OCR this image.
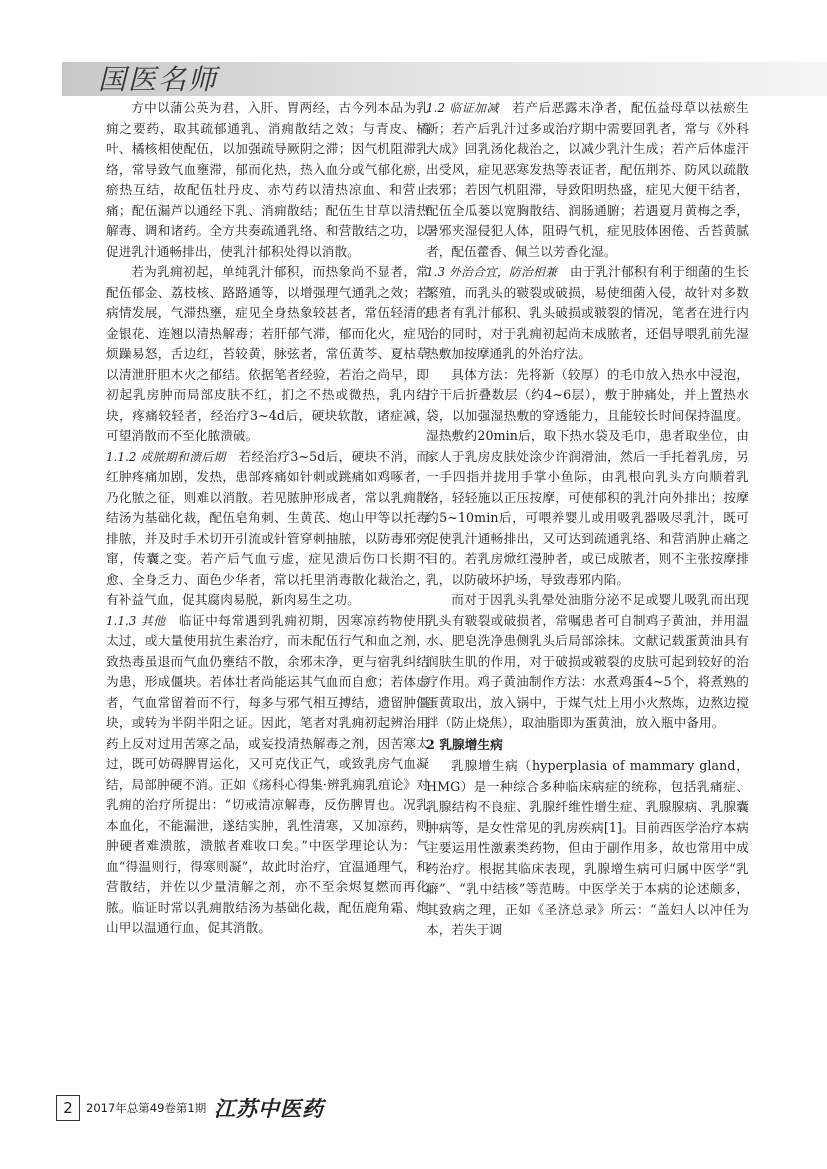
国医名师

方中以蒲公英为君，入肝、胃两经，古今列本品为乳痈之要药，取其疏郁通乳、消痈散结之效；与青皮、橘叶、橘核相使配伍，以加强疏导厥阴之滞；因气机阻滞乳络，常导致气血壅滞，郁而化热，热入血分或气郁化瘀，瘀热互结，故配伍牡丹皮、赤芍药以清热凉血、和营止痛；配伍漏芦以通经下乳、消痈散结；配伍生甘草以清热解毒、调和诸药。全方共奏疏通乳络、和营散结之功，以促进乳汁通畅排出，使乳汁郁积处得以消散。

若为乳痈初起，单纯乳汁郁积，而热象尚不显者，常配伍郁金、荔枝核、路路通等，以增强理气通乳之效；若病情发展，气滞热壅，症见全身热象较甚者，常伍轻清的金银花、连翘以清热解毒；若肝郁气滞，郁而化火，症见烦躁易怒，舌边红，苔较黄，脉弦者，常伍黄芩、夏枯草以清泄肝胆木火之郁结。依据笔者经验，若治之尚早，即初起乳房肿而局部皮肤不红，扪之不热或微热，乳内结块，疼痛较轻者，经治疗3~4d后，硬块软散，诸症减，可望消散而不至化脓溃破。

1.1.2 成脓期和溃后期  若经治疗3~5d后，硬块不消，而红肿疼痛加剧，发热，患部疼痛如针刺或跳痛如鸡啄者，乃化脓之征，则难以消散。若见脓肿形成者，常以乳痈散结汤为基础化裁，配伍皂角刺、生黄芪、炮山甲等以托毒排脓，并及时手术切开引流或针管穿刺抽脓，以防毒邪旁窜，传囊之变。若产后气血亏虚，症见溃后伤口长期不愈、全身乏力、面色少华者，常以托里消毒散化裁治之，有补益气血，促其腐肉易脱，新肉易生之功。

1.1.3 其他  临证中每常遇到乳痈初期，因寒凉药物使用太过，或大量使用抗生素治疗，而未配伍行气和血之剂，致热毒虽退而气血仍壅结不散，余邪未净，更与宿乳纠结为患，形成僵块。若体壮者尚能运其气血而自愈；若体虚者，气血常留着而不行，每多与邪气相互搏结，遗留肿僵块，或转为半阴半阳之证。因此，笔者对乳痈初起辨治用药上反对过用苦寒之品，或妄投清热解毒之剂，因苦寒太过，既可妨碍脾胃运化，又可克伐正气，或致乳房气血凝结，局部肿硬不消。正如《疡科心得集·辨乳痈乳疽论》对乳痈的治疗所提出：“切戒清凉解毒，反伤脾胃也。况乳本血化，不能漏泄，遂结实肿，乳性清寒，又加凉药，则肿硬者难溃脓，溃脓者难收口矣。”中医学理论认为：气血“得温则行，得寒则凝”，故此时治疗，宜温通理气，和营散结，并佐以少量清解之剂，亦不至余烬复燃而再化脓。临证时常以乳痈散结汤为基础化裁，配伍鹿角霜、炮山甲以温通行血，促其消散。

1.2 临证加减  若产后恶露未净者，配伍益母草以祛瘀生新；若产后乳汁过多或治疗期中需要回乳者，常与《外科大成》回乳汤化裁治之，以减少乳汁生成；若产后体虚汗出受风，症见恶寒发热等表证者，配伍荆芥、防风以疏散表邪；若因气机阻滞，导致阳明热盛，症见大便干结者，配伍全瓜蒌以宽胸散结、润肠通腑；若遇夏月黄梅之季，暑邪夹湿侵犯人体，阻碍气机，症见肢体困倦、舌苔黄腻者，配伍藿香、佩兰以芳香化湿。

1.3 外治合宜，防治相兼  由于乳汁郁积有利于细菌的生长繁殖，而乳头的皲裂或破损，易使细菌入侵，故针对多数患者有乳汁郁积、乳头破损或皲裂的情况，笔者在进行内治的同时，对于乳痈初起尚未成脓者，还倡导喂乳前先湿热敷加按摩通乳的外治疗法。

具体方法：先将新（较厚）的毛巾放入热水中浸泡，拧干后折叠数层（约4~6层），敷于肿痛处，并上置热水袋，以加强湿热敷的穿透能力，且能较长时间保持温度。湿热敷约20min后，取下热水袋及毛巾，患者取坐位，由家人于乳房皮肤处涂少许润滑油，然后一手托着乳房，另一手四指并拢用手掌小鱼际，由乳根向乳头方向顺着乳络，轻轻施以正压按摩，可使郁积的乳汁向外排出；按摩约5~10min后，可喂养婴儿或用吸乳器吸尽乳汁，既可促使乳汁通畅排出，又可达到疏通乳络、和营消肿止痛之目的。若乳房焮红漫肿者，或已成脓者，则不主张按摩排乳，以防破坏护场，导致毒邪内陷。

而对于因乳头乳晕处油脂分泌不足或婴儿吸乳而出现乳头有皲裂或破损者，常嘱患者可自制鸡子黄油，并用温水、肥皂洗净患侧乳头后局部涂抹。文献记载蛋黄油具有润肤生肌的作用，对于破损或皲裂的皮肤可起到较好的治疗作用。鸡子黄油制作方法：水煮鸡蛋4~5个，将煮熟的蛋黄取出，放入锅中，于煤气灶上用小火熬炼，边熬边搅拌（防止烧焦），取油脂即为蛋黄油，放入瓶中备用。

2 乳腺增生病

乳腺增生病（hyperplasia of mammary gland，HMG）是一种综合多种临床病症的统称，包括乳痛症、乳腺结构不良症、乳腺纤维性增生症、乳腺腺病、乳腺囊肿病等，是女性常见的乳房疾病[1]。目前西医学治疗本病主要运用性激素类药物，但由于副作用多，故也常用中成药治疗。根据其临床表现，乳腺增生病可归属中医学“乳癖”、“乳中结核”等范畴。中医学关于本病的论述颇多，其致病之理，正如《圣济总录》所云：“盖妇人以冲任为本，若失于调

2	2017年总第49卷第1期 江苏中医药
